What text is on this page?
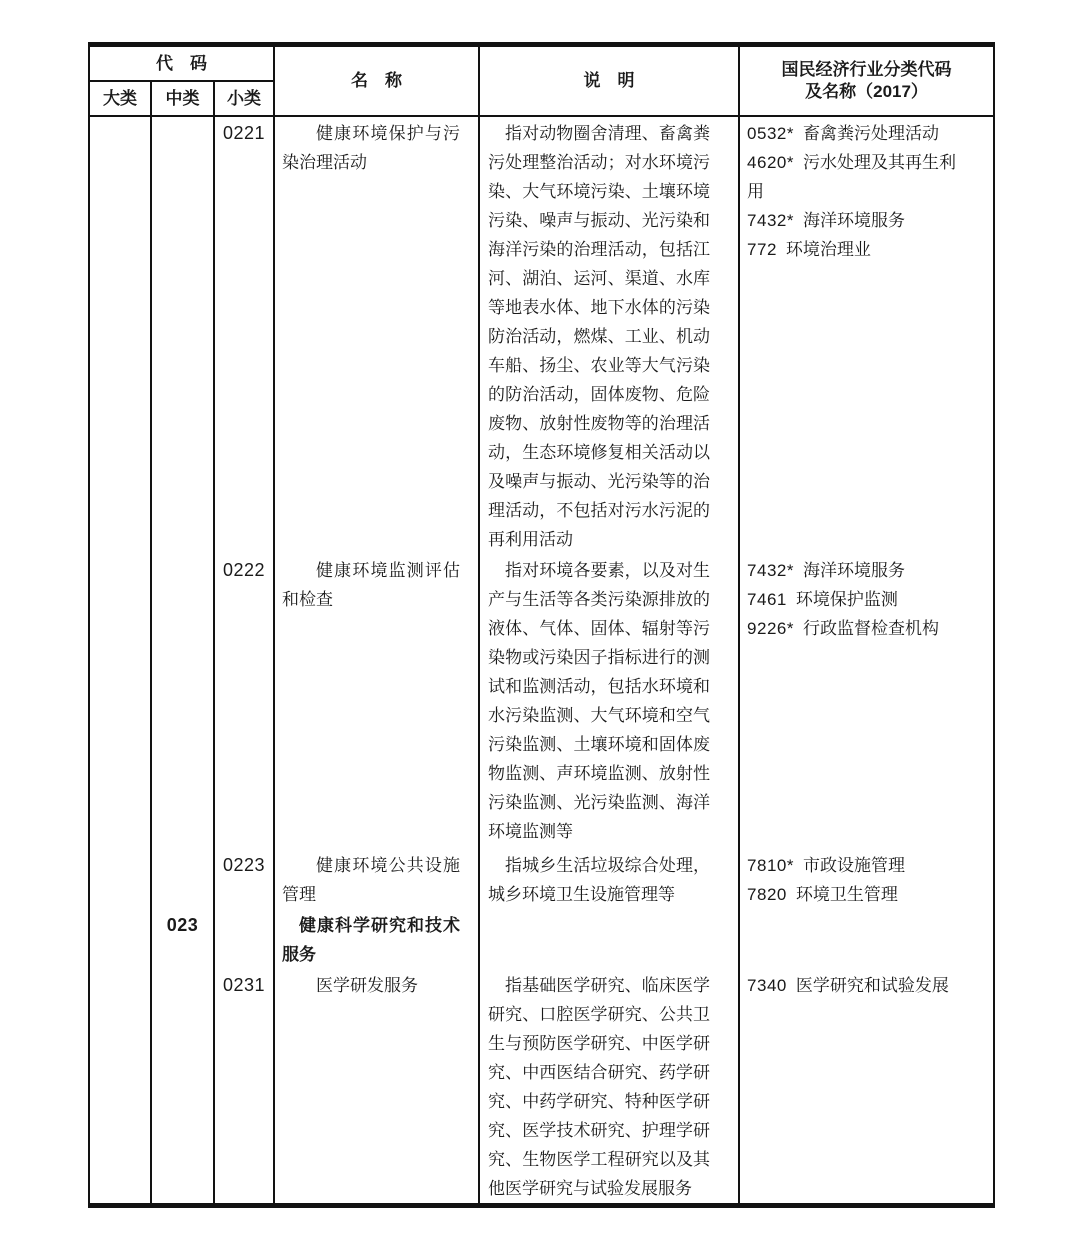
代　码			名　称	说　明	国民经济行业分类代码
及名称（2017）
大类	中类	小类			
		0221	健康环境保护与污染治理活动	指对动物圈舍清理、畜禽粪污处理整治活动；对水环境污染、大气环境污染、土壤环境污染、噪声与振动、光污染和海洋污染的治理活动，包括江河、湖泊、运河、渠道、水库等地表水体、地下水体的污染防治活动，燃煤、工业、机动车船、扬尘、农业等大气污染的防治活动，固体废物、危险废物、放射性废物等的治理活动，生态环境修复相关活动以及噪声与振动、光污染等的治理活动，不包括对污水污泥的再利用活动	0532* 畜禽粪污处理活动
4620* 污水处理及其再生利用
7432* 海洋环境服务
772 环境治理业

		0222	健康环境监测评估和检查	指对环境各要素，以及对生产与生活等各类污染源排放的液体、气体、固体、辐射等污染物或污染因子指标进行的测试和监测活动，包括水环境和水污染监测、大气环境和空气污染监测、土壤环境和固体废物监测、声环境监测、放射性污染监测、光污染监测、海洋环境监测等	7432* 海洋环境服务
7461 环境保护监测
9226* 行政监督检查机构

		0223	健康环境公共设施管理	指城乡生活垃圾综合处理，城乡环境卫生设施管理等	7810* 市政设施管理
7820 环境卫生管理

	023		健康科学研究和技术服务		

		0231	医学研发服务	指基础医学研究、临床医学研究、口腔医学研究、公共卫生与预防医学研究、中医学研究、中西医结合研究、药学研究、中药学研究、特种医学研究、医学技术研究、护理学研究、生物医学工程研究以及其他医学研究与试验发展服务	7340 医学研究和试验发展
